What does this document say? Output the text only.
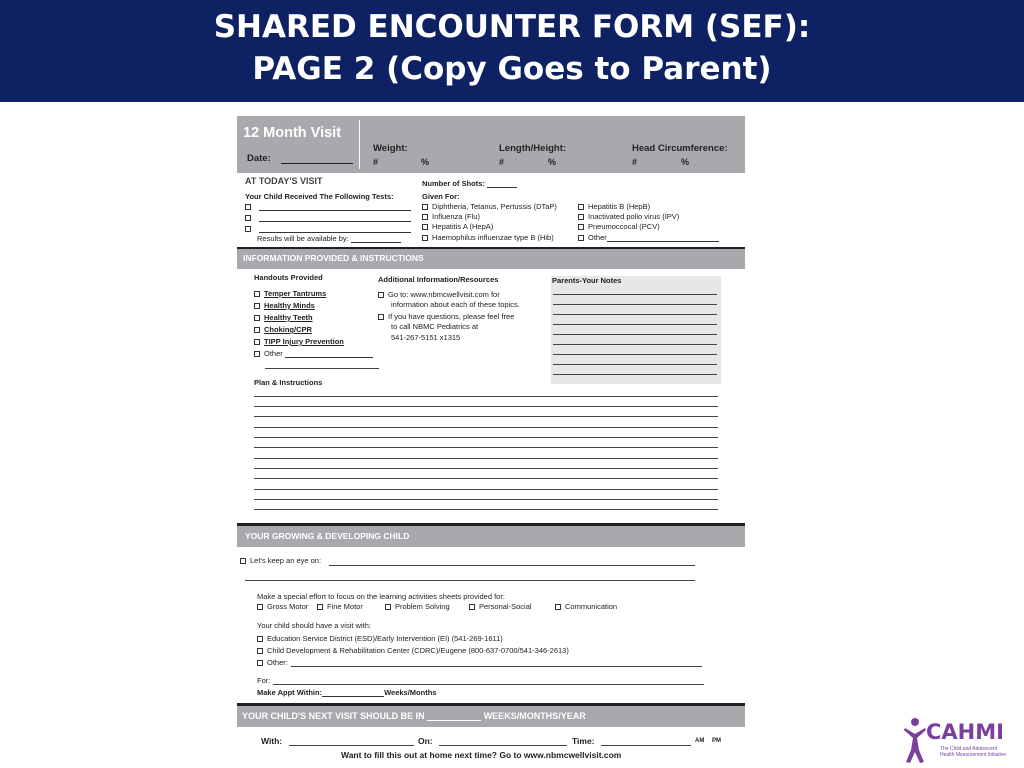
SHARED ENCOUNTER FORM (SEF):
PAGE 2 (Copy Goes to Parent)
12 Month Visit
Date:
Weight:
#	%
Length/Height:
#	%
Head Circumference:
#	%
AT TODAY'S VISIT
Your Child Received The Following Tests:
Results will be available by:
Number of Shots:
Given For:
Diphtheria, Tetanus, Pertussis (DTaP)
Influenza (Flu)
Hepatitis A (HepA)
Haemophilus influenzae type B (Hib)
Hepatitis B (HepB)
Inactivated polio virus (IPV)
Pneumoccocal (PCV)
Other
INFORMATION PROVIDED & INSTRUCTIONS
Handouts Provided
Temper Tantrums
Healthy Minds
Healthy Teeth
Choking/CPR
TIPP Injury Prevention
Other
Additional Information/Resources
Go to: www.nbmcwellvisit.com for
information about each of these topics.
If you have questions, please feel free
to call NBMC Pediatrics at
541-267-5151 x1315
Parents-Your Notes
Plan & Instructions
YOUR GROWING & DEVELOPING CHILD
Let's keep an eye on:
Make a special effort to focus on the learning activities sheets provided for:
Gross Motor	Fine Motor	Problem Solving	Personal-Social	Communication
Your child should have a visit with:
Education Service District (ESD)/Early Intervention (EI) (541-269-1611)
Child Development & Rehabilitation Center (CDRC)/Eugene (800-637-0700/541-346-2613)
Other:
For:
Make Appt Within:	Weeks/Months
YOUR CHILD'S NEXT VISIT SHOULD BE IN	WEEKS/MONTHS/YEAR
With:	On:	Time:	AM PM
Want to fill this out at home next time? Go to www.nbmcwellvisit.com
CAHMI
The Child and Adolescent
Health Measurement Initiative
